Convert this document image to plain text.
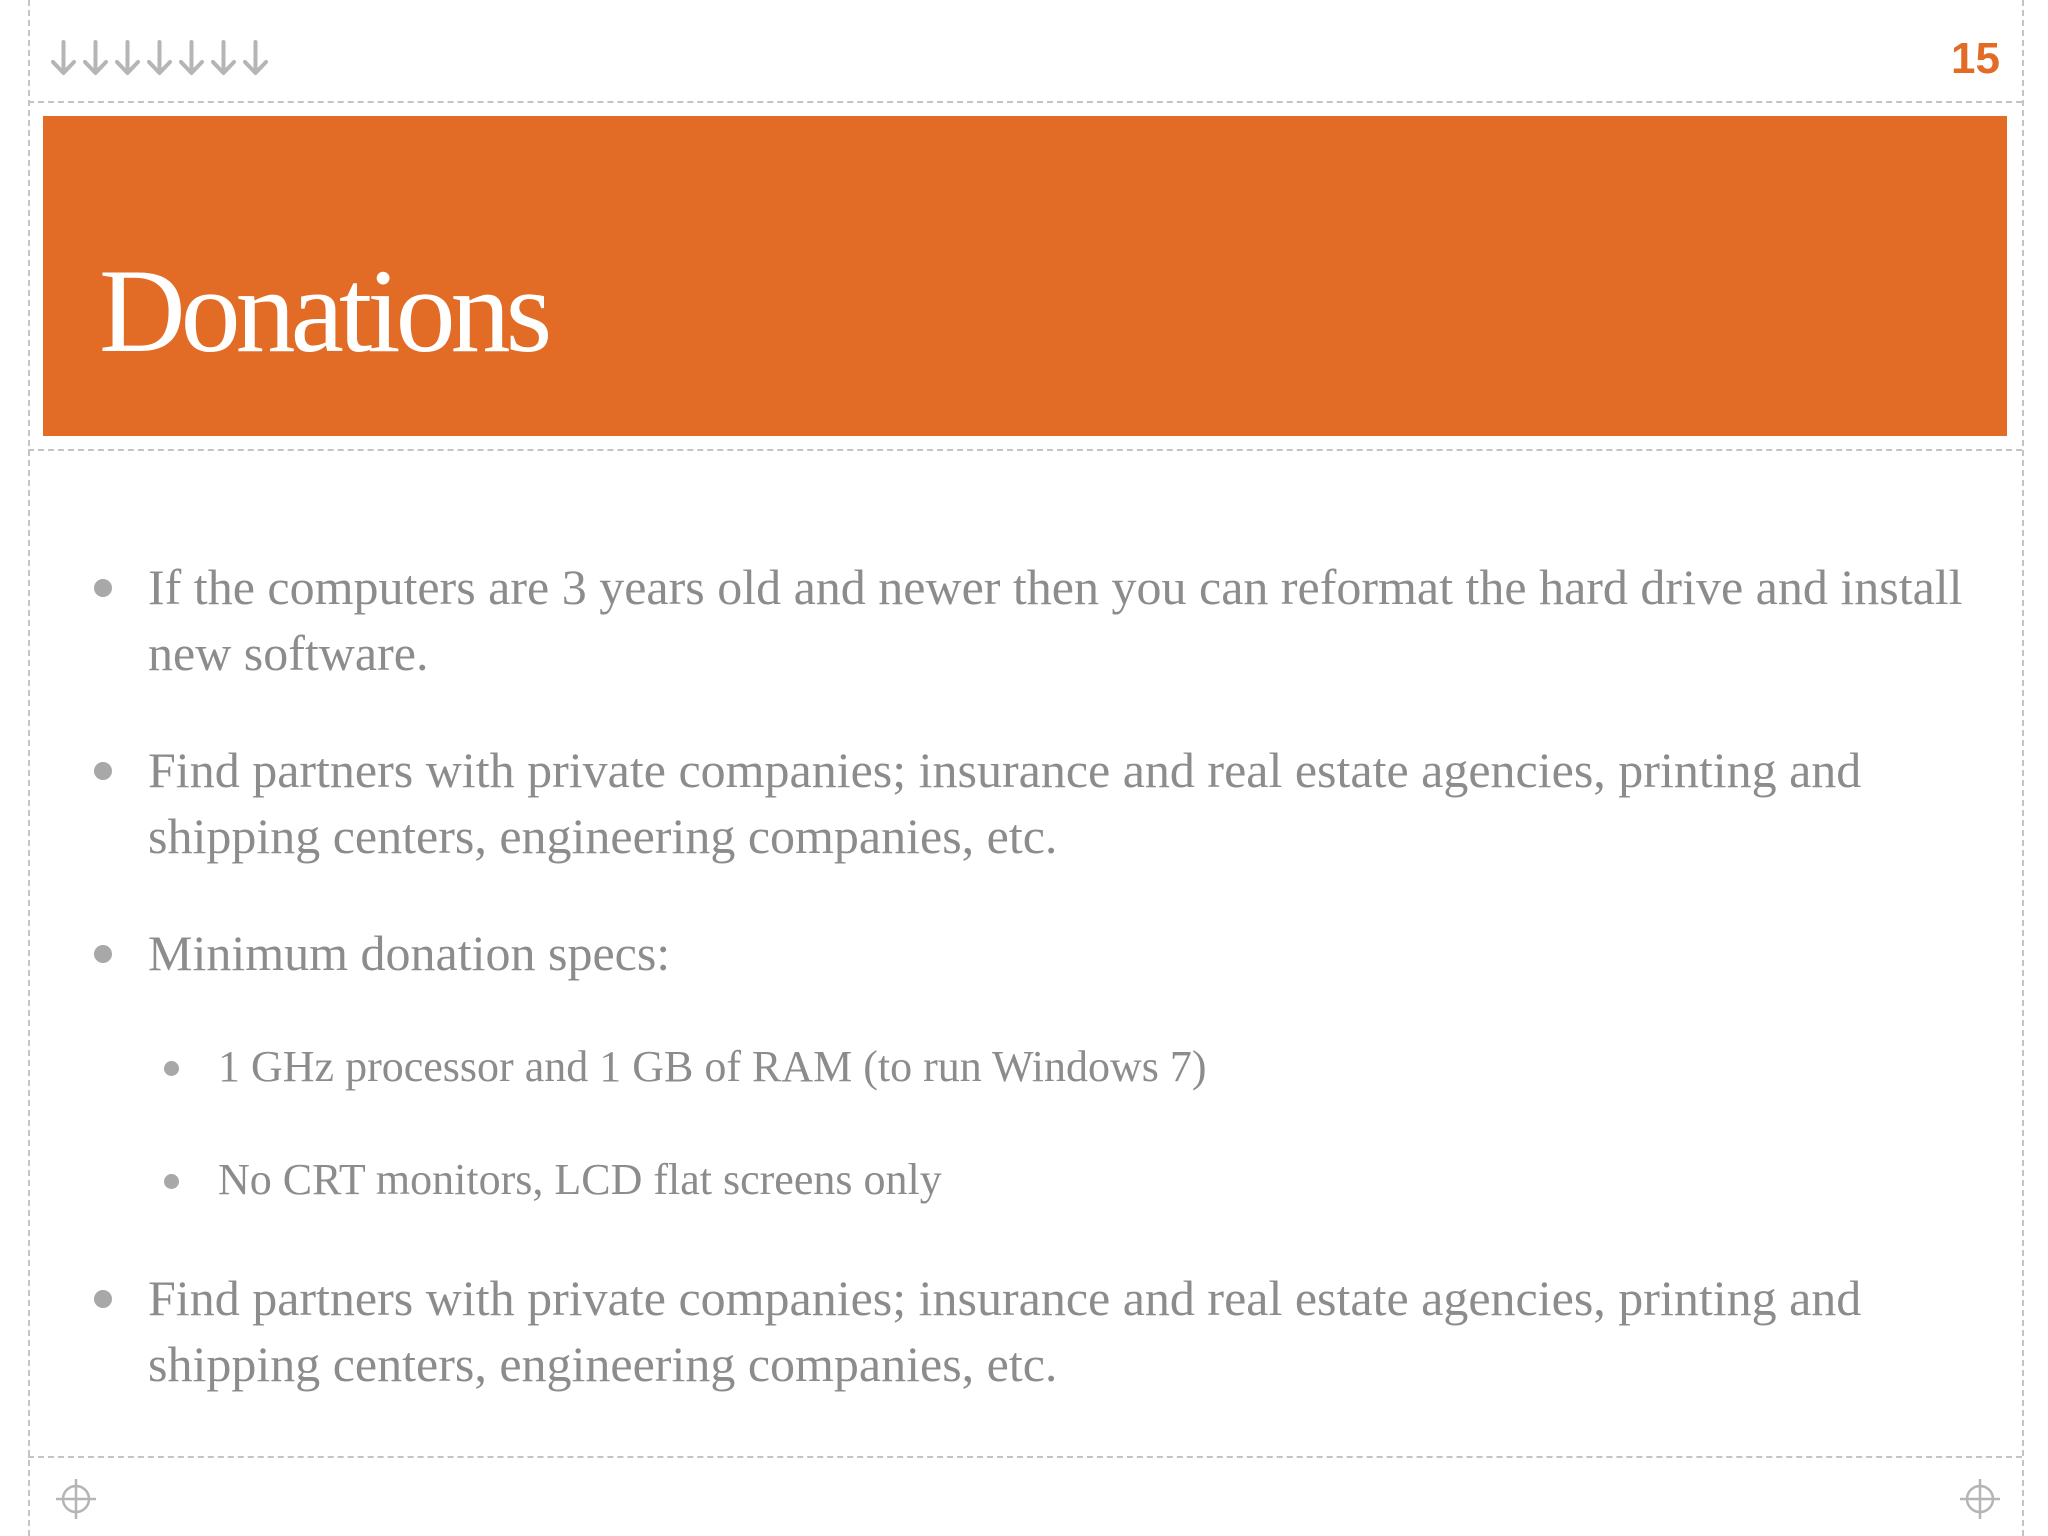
15
Donations
If the computers are 3 years old and newer then you can reformat the hard drive and install new software.
Find partners with private companies; insurance and real estate agencies, printing and shipping centers, engineering companies, etc.
Minimum donation specs:
1 GHz processor and 1 GB of RAM (to run Windows 7)
No CRT monitors, LCD flat screens only
Find partners with private companies; insurance and real estate agencies, printing and shipping centers, engineering companies, etc.
